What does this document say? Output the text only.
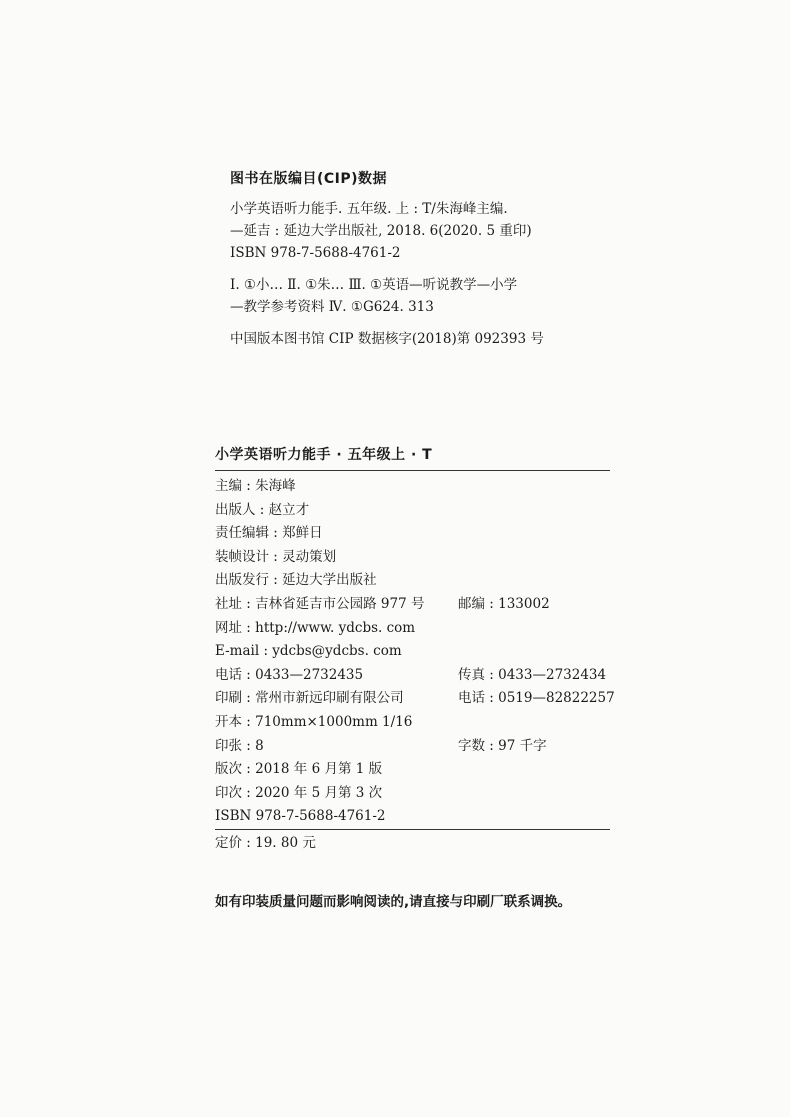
图书在版编目(CIP)数据
小学英语听力能手. 五年级. 上 : T/朱海峰主编.
—延吉 : 延边大学出版社, 2018. 6(2020. 5 重印)
ISBN 978-7-5688-4761-2
Ⅰ. ①小… Ⅱ. ①朱… Ⅲ. ①英语—听说教学—小学
—教学参考资料 Ⅳ. ①G624. 313
中国版本图书馆 CIP 数据核字(2018)第 092393 号
小学英语听力能手 · 五年级上 · T
主编 : 朱海峰
出版人 : 赵立才
责任编辑 : 郑鲜日
装帧设计 : 灵动策划
出版发行 : 延边大学出版社
社址 : 吉林省延吉市公园路 977 号 邮编 : 133002
网址 : http://www. ydcbs. com
E-mail : ydcbs@ydcbs. com
电话 : 0433—2732435	传真 : 0433—2732434
印刷 : 常州市新远印刷有限公司	电话 : 0519—82822257
开本 : 710mm×1000mm 1/16
印张 : 8	字数 : 97 千字
版次 : 2018 年 6 月第 1 版
印次 : 2020 年 5 月第 3 次
ISBN 978-7-5688-4761-2
定价 : 19. 80 元
如有印装质量问题而影响阅读的,请直接与印刷厂联系调换。
